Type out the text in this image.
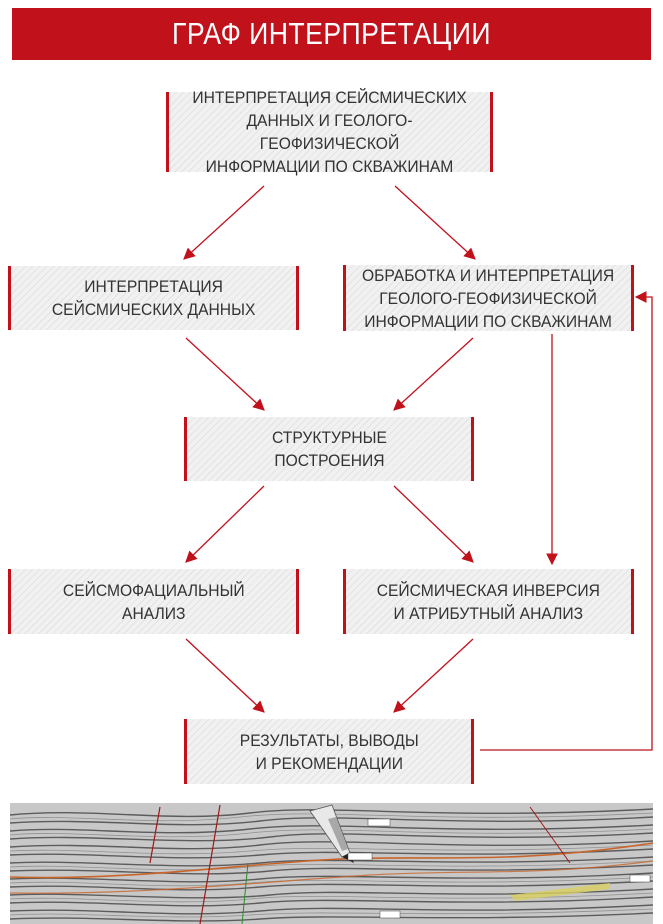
ГРАФ ИНТЕРПРЕТАЦИИ
ИНТЕРПРЕТАЦИЯ СЕЙСМИЧЕСКИХ
ДАННЫХ И ГЕОЛОГО-ГЕОФИЗИЧЕСКОЙ
ИНФОРМАЦИИ ПО СКВАЖИНАМ
ИНТЕРПРЕТАЦИЯ
СЕЙСМИЧЕСКИХ ДАННЫХ
ОБРАБОТКА И ИНТЕРПРЕТАЦИЯ
ГЕОЛОГО-ГЕОФИЗИЧЕСКОЙ
ИНФОРМАЦИИ ПО СКВАЖИНАМ
СТРУКТУРНЫЕ
ПОСТРОЕНИЯ
СЕЙСМОФАЦИАЛЬНЫЙ
АНАЛИЗ
СЕЙСМИЧЕСКАЯ ИНВЕРСИЯ
И АТРИБУТНЫЙ АНАЛИЗ
РЕЗУЛЬТАТЫ, ВЫВОДЫ
И РЕКОМЕНДАЦИИ
